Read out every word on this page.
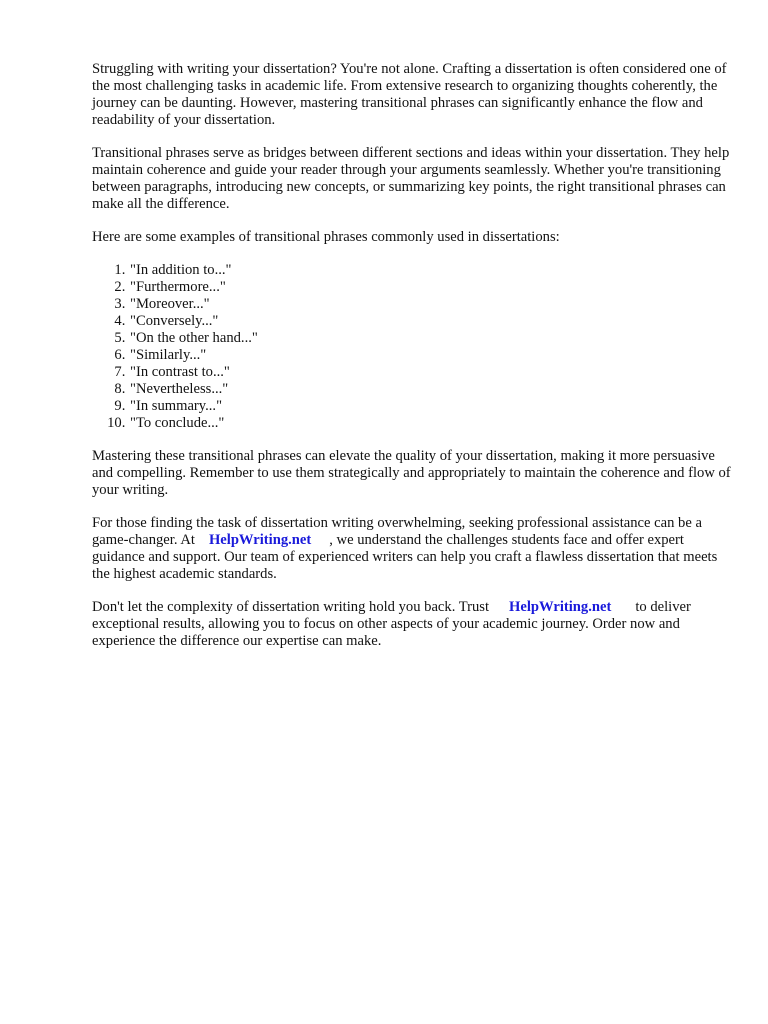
Struggling with writing your dissertation? You're not alone. Crafting a dissertation is often considered one of the most challenging tasks in academic life. From extensive research to organizing thoughts coherently, the journey can be daunting. However, mastering transitional phrases can significantly enhance the flow and readability of your dissertation.

Transitional phrases serve as bridges between different sections and ideas within your dissertation. They help maintain coherence and guide your reader through your arguments seamlessly. Whether you're transitioning between paragraphs, introducing new concepts, or summarizing key points, the right transitional phrases can make all the difference.

Here are some examples of transitional phrases commonly used in dissertations:

1. "In addition to..."
2. "Furthermore..."
3. "Moreover..."
4. "Conversely..."
5. "On the other hand..."
6. "Similarly..."
7. "In contrast to..."
8. "Nevertheless..."
9. "In summary..."
10. "To conclude..."

Mastering these transitional phrases can elevate the quality of your dissertation, making it more persuasive and compelling. Remember to use them strategically and appropriately to maintain the coherence and flow of your writing.

For those finding the task of dissertation writing overwhelming, seeking professional assistance can be a game-changer. At HelpWriting.net , we understand the challenges students face and offer expert guidance and support. Our team of experienced writers can help you craft a flawless dissertation that meets the highest academic standards.

Don't let the complexity of dissertation writing hold you back. Trust HelpWriting.net to deliver exceptional results, allowing you to focus on other aspects of your academic journey. Order now and experience the difference our expertise can make.
